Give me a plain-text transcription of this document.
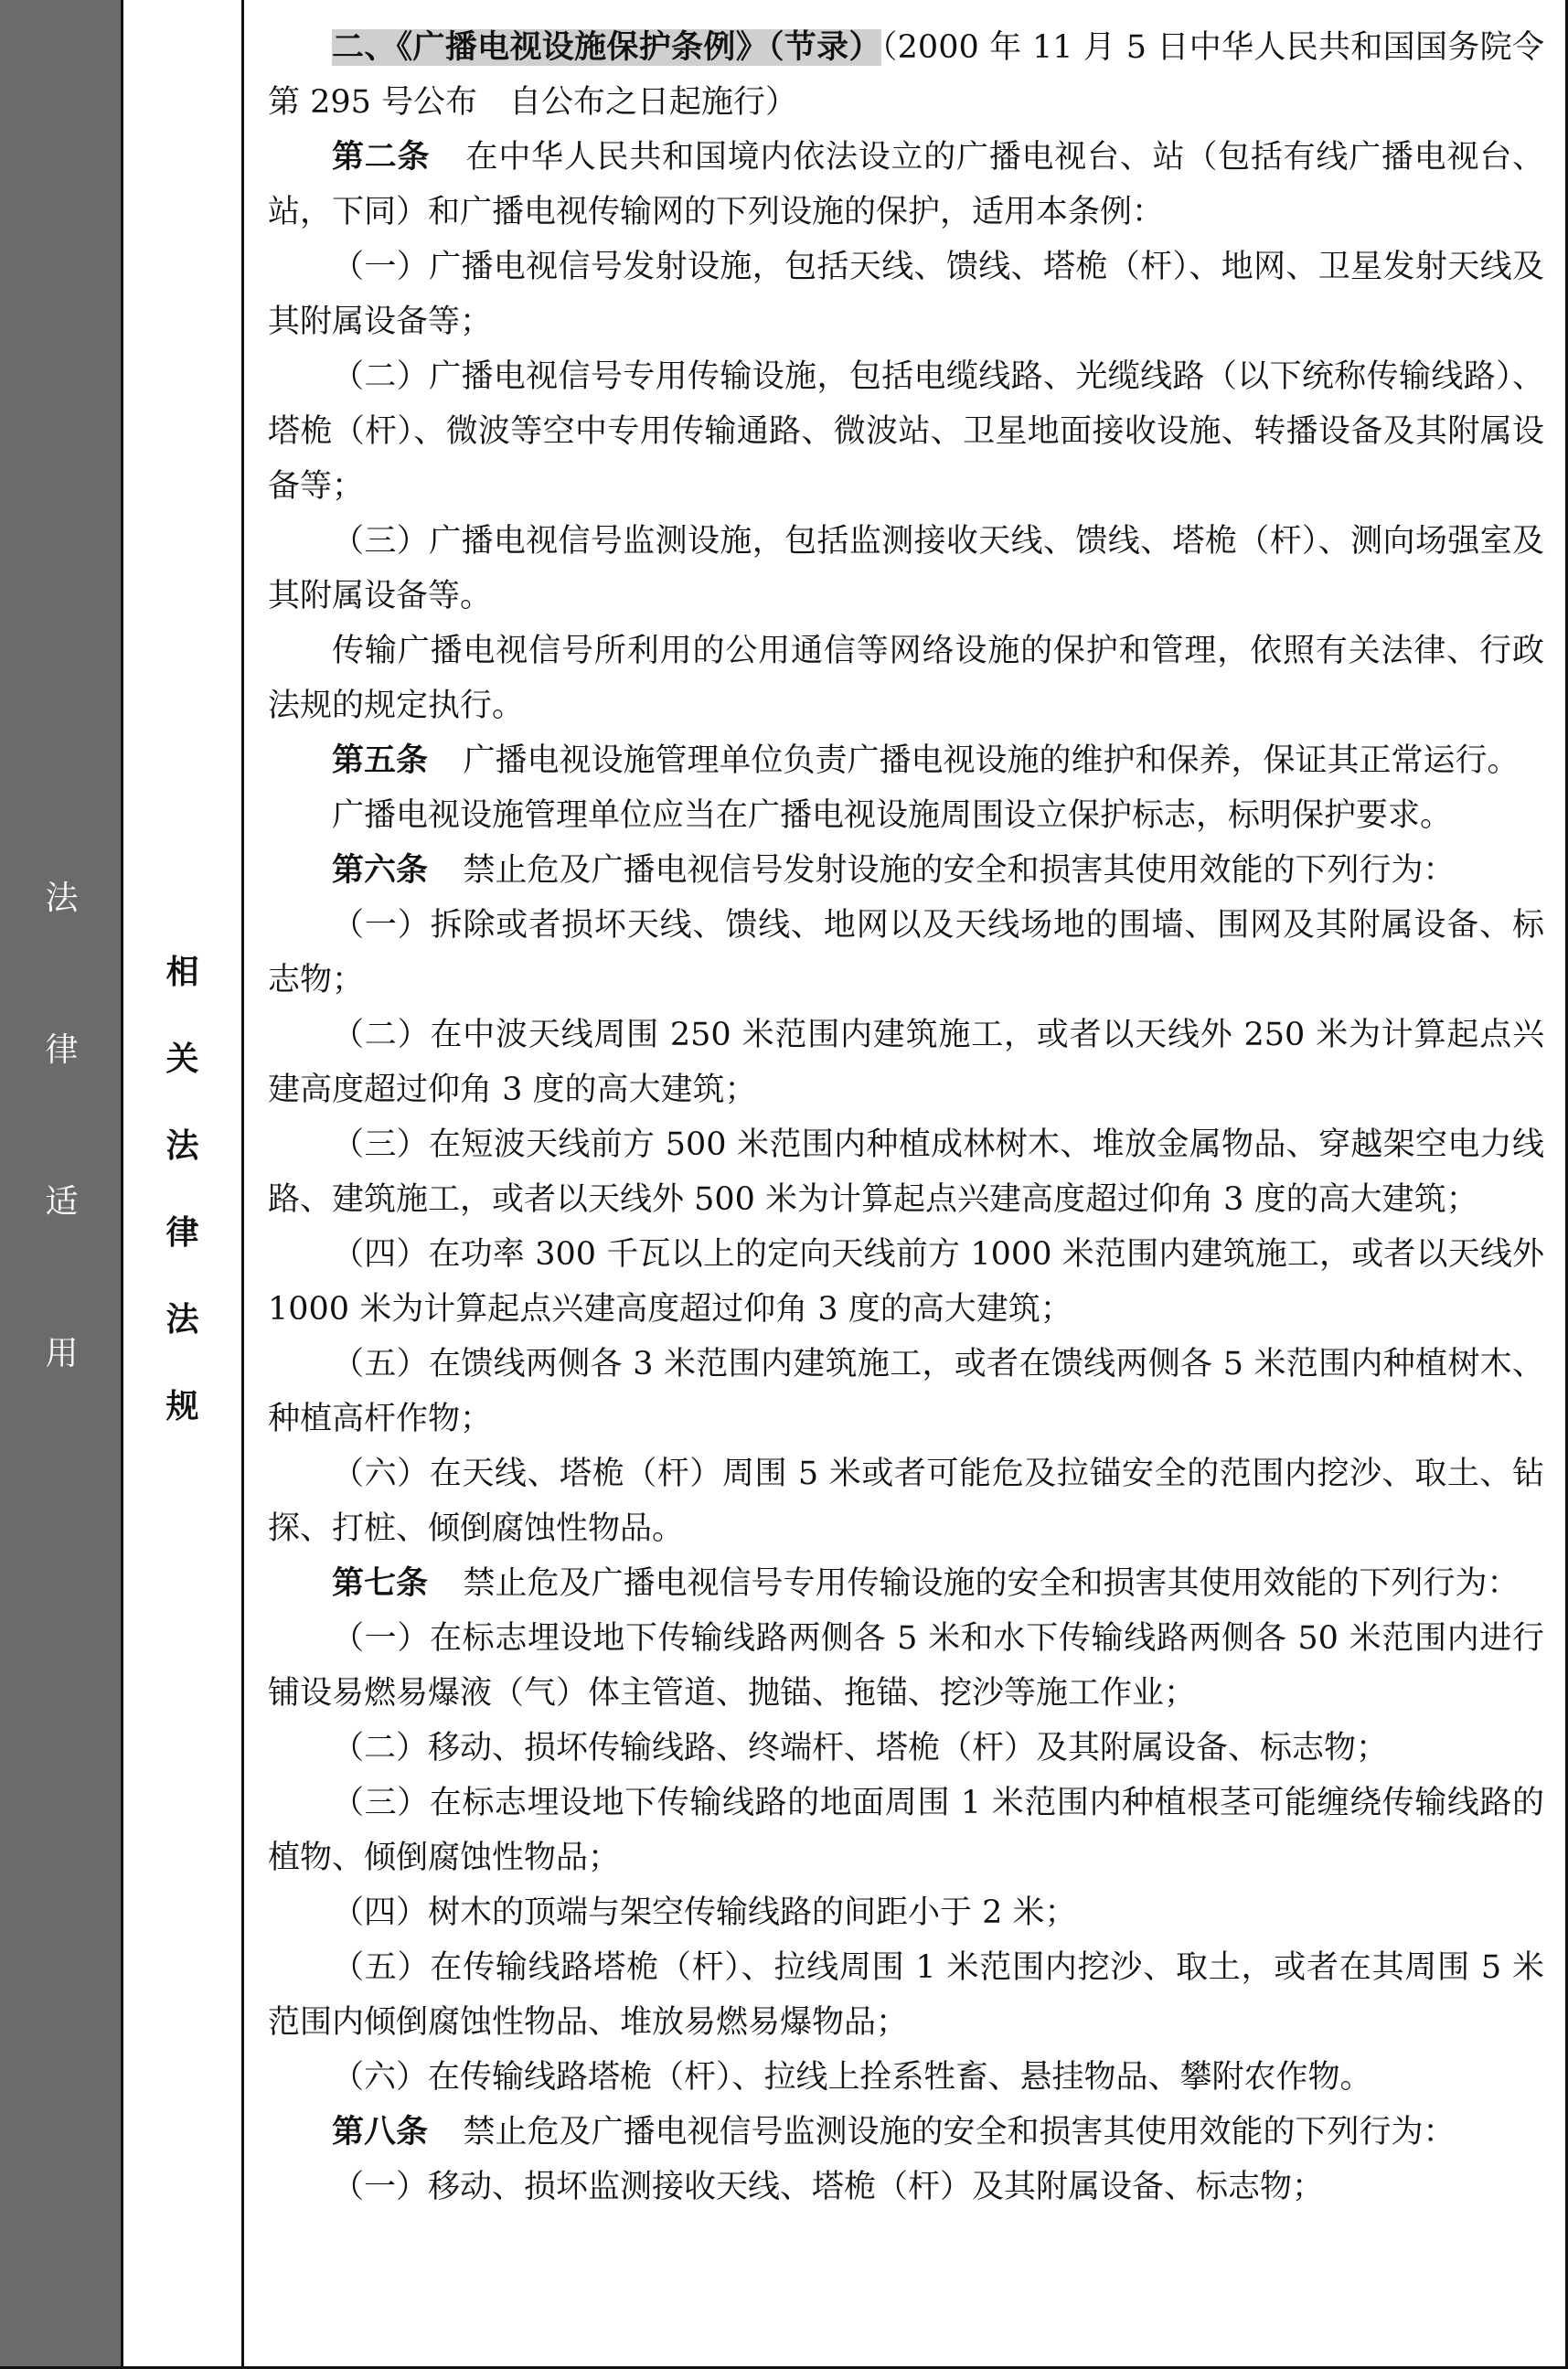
法
律
适
用
相
关
法
律
法
规

二、《广播电视设施保护条例》（节录）（2000 年 11 月 5 日中华人民共和国国务院令第 295 号公布　自公布之日起施行）

第二条 在中华人民共和国境内依法设立的广播电视台、站（包括有线广播电视台、站，下同）和广播电视传输网的下列设施的保护，适用本条例：

（一）广播电视信号发射设施，包括天线、馈线、塔桅（杆）、地网、卫星发射天线及其附属设备等；

（二）广播电视信号专用传输设施，包括电缆线路、光缆线路（以下统称传输线路）、塔桅（杆）、微波等空中专用传输通路、微波站、卫星地面接收设施、转播设备及其附属设备等；

（三）广播电视信号监测设施，包括监测接收天线、馈线、塔桅（杆）、测向场强室及其附属设备等。

传输广播电视信号所利用的公用通信等网络设施的保护和管理，依照有关法律、行政法规的规定执行。

第五条 广播电视设施管理单位负责广播电视设施的维护和保养，保证其正常运行。

广播电视设施管理单位应当在广播电视设施周围设立保护标志，标明保护要求。

第六条 禁止危及广播电视信号发射设施的安全和损害其使用效能的下列行为：

（一）拆除或者损坏天线、馈线、地网以及天线场地的围墙、围网及其附属设备、标志物；

（二）在中波天线周围 250 米范围内建筑施工，或者以天线外 250 米为计算起点兴建高度超过仰角 3 度的高大建筑；

（三）在短波天线前方 500 米范围内种植成林树木、堆放金属物品、穿越架空电力线路、建筑施工，或者以天线外 500 米为计算起点兴建高度超过仰角 3 度的高大建筑；

（四）在功率 300 千瓦以上的定向天线前方 1000 米范围内建筑施工，或者以天线外 1000 米为计算起点兴建高度超过仰角 3 度的高大建筑；

（五）在馈线两侧各 3 米范围内建筑施工，或者在馈线两侧各 5 米范围内种植树木、种植高杆作物；

（六）在天线、塔桅（杆）周围 5 米或者可能危及拉锚安全的范围内挖沙、取土、钻探、打桩、倾倒腐蚀性物品。

第七条 禁止危及广播电视信号专用传输设施的安全和损害其使用效能的下列行为：

（一）在标志埋设地下传输线路两侧各 5 米和水下传输线路两侧各 50 米范围内进行铺设易燃易爆液（气）体主管道、抛锚、拖锚、挖沙等施工作业；

（二）移动、损坏传输线路、终端杆、塔桅（杆）及其附属设备、标志物；

（三）在标志埋设地下传输线路的地面周围 1 米范围内种植根茎可能缠绕传输线路的植物、倾倒腐蚀性物品；

（四）树木的顶端与架空传输线路的间距小于 2 米；

（五）在传输线路塔桅（杆）、拉线周围 1 米范围内挖沙、取土，或者在其周围 5 米范围内倾倒腐蚀性物品、堆放易燃易爆物品；

（六）在传输线路塔桅（杆）、拉线上拴系牲畜、悬挂物品、攀附农作物。

第八条 禁止危及广播电视信号监测设施的安全和损害其使用效能的下列行为：

（一）移动、损坏监测接收天线、塔桅（杆）及其附属设备、标志物；
